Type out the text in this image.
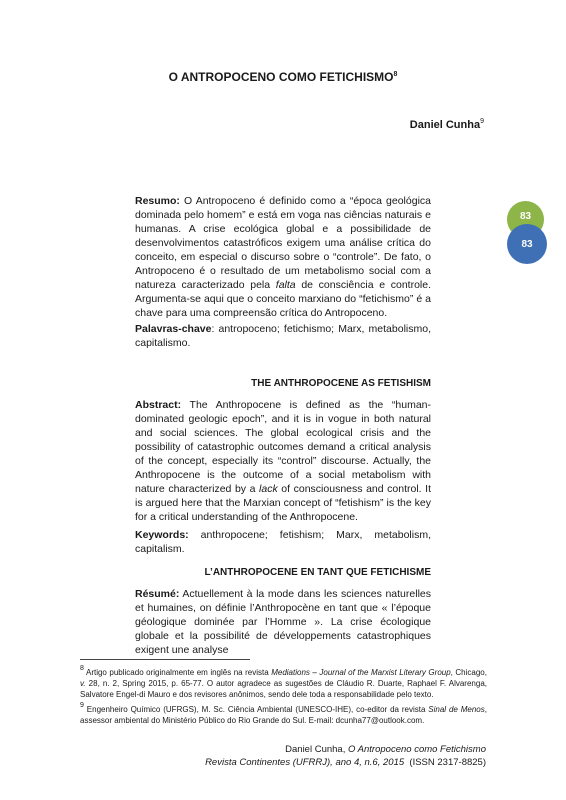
O ANTROPOCENO COMO FETICHISMO$^8$
Daniel Cunha$^9$
83
83
Resumo: O Antropoceno é definido como a “época geológica dominada pelo homem” e está em voga nas ciências naturais e humanas. A crise ecológica global e a possibilidade de desenvolvimentos catastróficos exigem uma análise crítica do conceito, em especial o discurso sobre o “controle”. De fato, o Antropoceno é o resultado de um metabolismo social com a natureza caracterizado pela falta de consciência e controle. Argumenta-se aqui que o conceito marxiano do “fetichismo” é a chave para uma compreensão crítica do Antropoceno.
Palavras-chave: antropoceno; fetichismo; Marx, metabolismo, capitalismo.
THE ANTHROPOCENE AS FETISHISM
Abstract: The Anthropocene is defined as the “human-dominated geologic epoch”, and it is in vogue in both natural and social sciences. The global ecological crisis and the possibility of catastrophic outcomes demand a critical analysis of the concept, especially its “control” discourse. Actually, the Anthropocene is the outcome of a social metabolism with nature characterized by a lack of consciousness and control. It is argued here that the Marxian concept of “fetishism” is the key for a critical understanding of the Anthropocene.
Keywords: anthropocene; fetishism; Marx, metabolism, capitalism.
L’ANTHROPOCENE EN TANT QUE FETICHISME
Résumé: Actuellement à la mode dans les sciences naturelles et humaines, on définie l’Anthropocène en tant que « l’époque géologique dominée par l’Homme ». La crise écologique globale et la possibilité de développements catastrophiques exigent une analyse

$^8$ Artigo publicado originalmente em inglês na revista Mediations – Journal of the Marxist Literary Group, Chicago, v. 28, n. 2, Spring 2015, p. 65-77. O autor agradece as sugestões de Cláudio R. Duarte, Raphael F. Alvarenga, Salvatore Engel-di Mauro e dos revisores anônimos, sendo dele toda a responsabilidade pelo texto.

$^9$ Engenheiro Químico (UFRGS), M. Sc. Ciência Ambiental (UNESCO-IHE), co-editor da revista Sinal de Menos, assessor ambiental do Ministério Público do Rio Grande do Sul. E-mail: dcunha77@outlook.com.

Daniel Cunha, O Antropoceno como Fetichismo
Revista Continentes (UFRRJ), ano 4, n.6, 2015  (ISSN 2317-8825)
